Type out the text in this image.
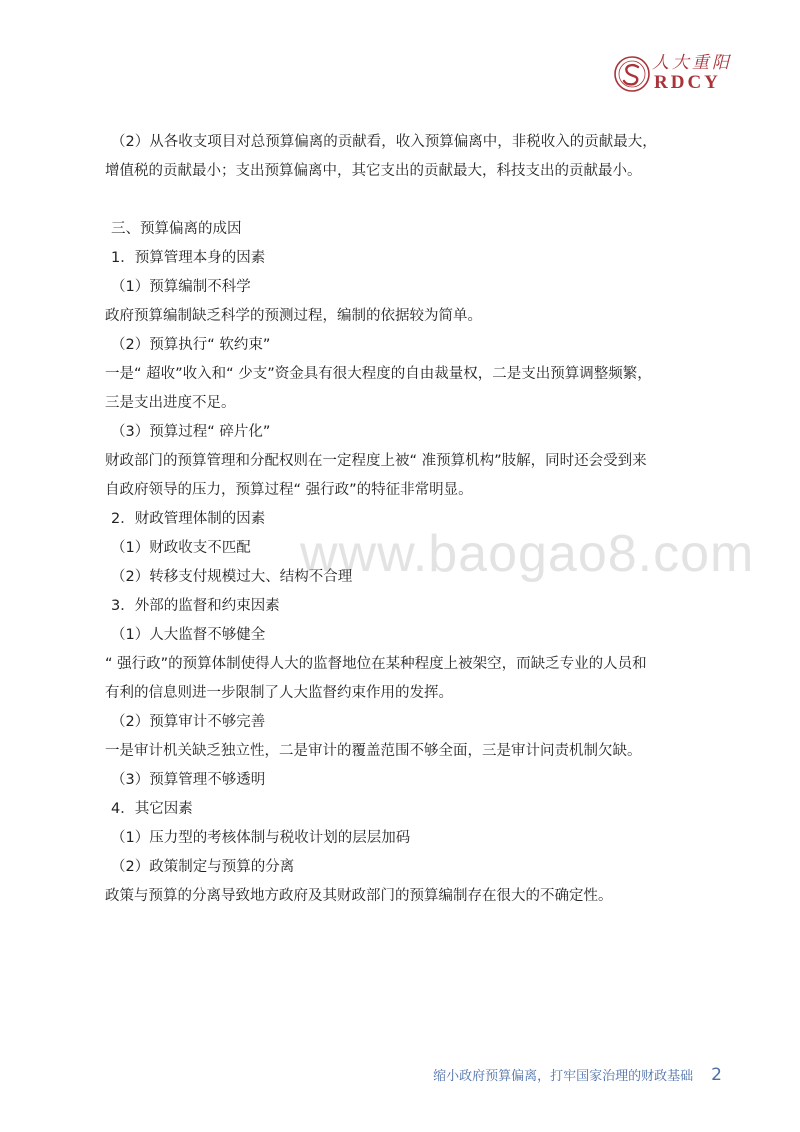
人大重阳
RDCY
www.baogao8.com

（2）从各收支项目对总预算偏离的贡献看，收入预算偏离中，非税收入的贡献最大，

增值税的贡献最小；支出预算偏离中，其它支出的贡献最大，科技支出的贡献最小。

三、预算偏离的成因

1．预算管理本身的因素

（1）预算编制不科学

政府预算编制缺乏科学的预测过程，编制的依据较为简单。

（2）预算执行“ 软约束”

一是“ 超收”收入和“ 少支”资金具有很大程度的自由裁量权，二是支出预算调整频繁，

三是支出进度不足。

（3）预算过程“ 碎片化”

财政部门的预算管理和分配权则在一定程度上被“ 准预算机构”肢解，同时还会受到来

自政府领导的压力，预算过程“ 强行政”的特征非常明显。

2．财政管理体制的因素

（1）财政收支不匹配

（2）转移支付规模过大、结构不合理

3．外部的监督和约束因素

（1）人大监督不够健全

“ 强行政”的预算体制使得人大的监督地位在某种程度上被架空，而缺乏专业的人员和

有利的信息则进一步限制了人大监督约束作用的发挥。

（2）预算审计不够完善

一是审计机关缺乏独立性，二是审计的覆盖范围不够全面，三是审计问责机制欠缺。

（3）预算管理不够透明

4．其它因素

（1）压力型的考核体制与税收计划的层层加码

（2）政策制定与预算的分离

政策与预算的分离导致地方政府及其财政部门的预算编制存在很大的不确定性。

缩小政府预算偏离，打牢国家治理的财政基础 2
